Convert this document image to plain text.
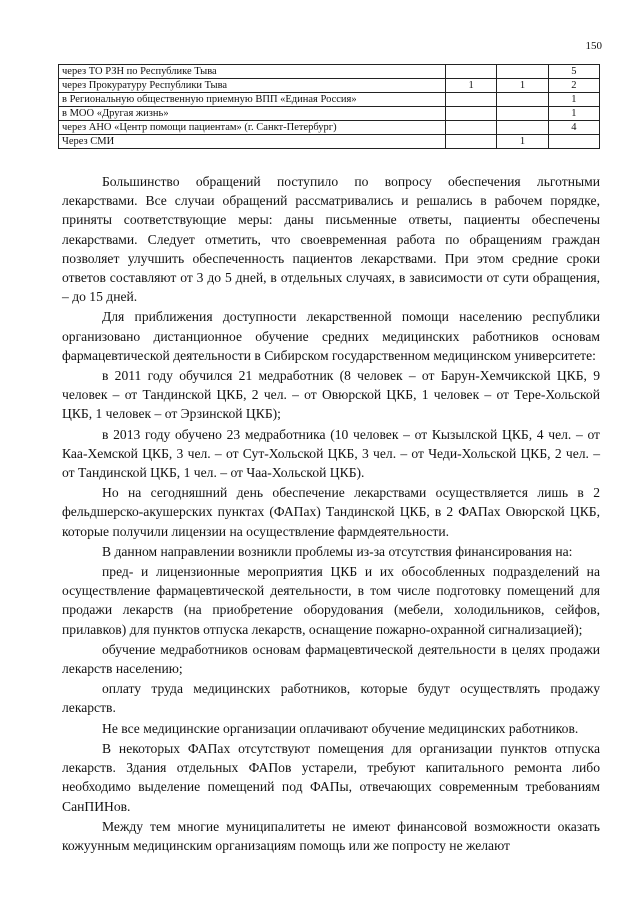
150
через ТО РЗН по Республике Тыва			5
через Прокуратуру Республики Тыва	1	1	2
в Региональную общественную приемную ВПП «Единая Россия»			1
в МОО «Другая жизнь»			1
через АНО «Центр помощи пациентам» (г. Санкт-Петербург)			4
Через СМИ		1	

Большинство обращений поступило по вопросу обеспечения льготными лекарствами. Все случаи обращений рассматривались и решались в рабочем порядке, приняты соответствующие меры: даны письменные ответы, пациенты обеспечены лекарствами. Следует отметить, что своевременная работа по обращениям граждан позволяет улучшить обеспеченность пациентов лекарствами. При этом средние сроки ответов составляют от 3 до 5 дней, в отдельных случаях, в зависимости от сути обращения, – до 15 дней.

Для приближения доступности лекарственной помощи населению республики организовано дистанционное обучение средних медицинских работников основам фармацевтической деятельности в Сибирском государственном медицинском университете:

в 2011 году обучился 21 медработник (8 человек – от Барун-Хемчикской ЦКБ, 9 человек – от Тандинской ЦКБ, 2 чел. – от Овюрской ЦКБ, 1 человек – от Тере-Хольской ЦКБ, 1 человек – от Эрзинской ЦКБ);

в 2013 году обучено 23 медработника (10 человек – от Кызылской ЦКБ, 4 чел. – от Каа-Хемской ЦКБ, 3 чел. – от Сут-Хольской ЦКБ, 3 чел. – от Чеди-Хольской ЦКБ, 2 чел. – от Тандинской ЦКБ, 1 чел. – от Чаа-Хольской ЦКБ).

Но на сегодняшний день обеспечение лекарствами осуществляется лишь в 2 фельдшерско-акушерских пунктах (ФАПах) Тандинской ЦКБ, в 2 ФАПах Овюрской ЦКБ, которые получили лицензии на осуществление фармдеятельности.

В данном направлении возникли проблемы из-за отсутствия финансирования на:

пред- и лицензионные мероприятия ЦКБ и их обособленных подразделений на осуществление фармацевтической деятельности, в том числе подготовку помещений для продажи лекарств (на приобретение оборудования (мебели, холодильников, сейфов, прилавков) для пунктов отпуска лекарств, оснащение пожарно-охранной сигнализацией);

обучение медработников основам фармацевтической деятельности в целях продажи лекарств населению;

оплату труда медицинских работников, которые будут осуществлять продажу лекарств.

Не все медицинские организации оплачивают обучение медицинских работников.

В некоторых ФАПах отсутствуют помещения для организации пунктов отпуска лекарств. Здания отдельных ФАПов устарели, требуют капитального ремонта либо необходимо выделение помещений под ФАПы, отвечающих современным требованиям СанПИНов.

Между тем многие муниципалитеты не имеют финансовой возможности оказать кожуунным медицинским организациям помощь или же попросту не желают
